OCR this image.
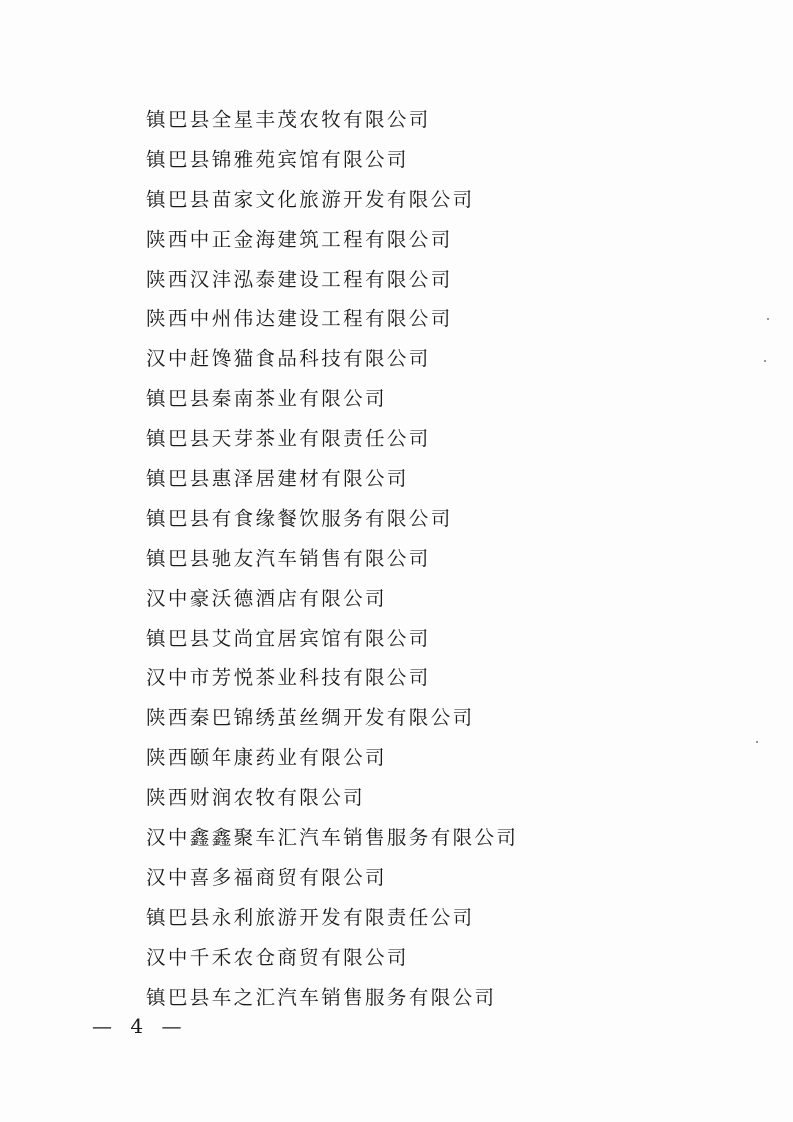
镇巴县全星丰茂农牧有限公司
镇巴县锦雅苑宾馆有限公司
镇巴县苗家文化旅游开发有限公司
陕西中正金海建筑工程有限公司
陕西汉沣泓泰建设工程有限公司
陕西中州伟达建设工程有限公司
汉中赶馋猫食品科技有限公司
镇巴县秦南茶业有限公司
镇巴县天芽茶业有限责任公司
镇巴县惠泽居建材有限公司
镇巴县有食缘餐饮服务有限公司
镇巴县驰友汽车销售有限公司
汉中豪沃德酒店有限公司
镇巴县艾尚宜居宾馆有限公司
汉中市芳悦茶业科技有限公司
陕西秦巴锦绣茧丝绸开发有限公司
陕西颐年康药业有限公司
陕西财润农牧有限公司
汉中鑫鑫聚车汇汽车销售服务有限公司
汉中喜多福商贸有限公司
镇巴县永利旅游开发有限责任公司
汉中千禾农仓商贸有限公司
镇巴县车之汇汽车销售服务有限公司
— 4 —
